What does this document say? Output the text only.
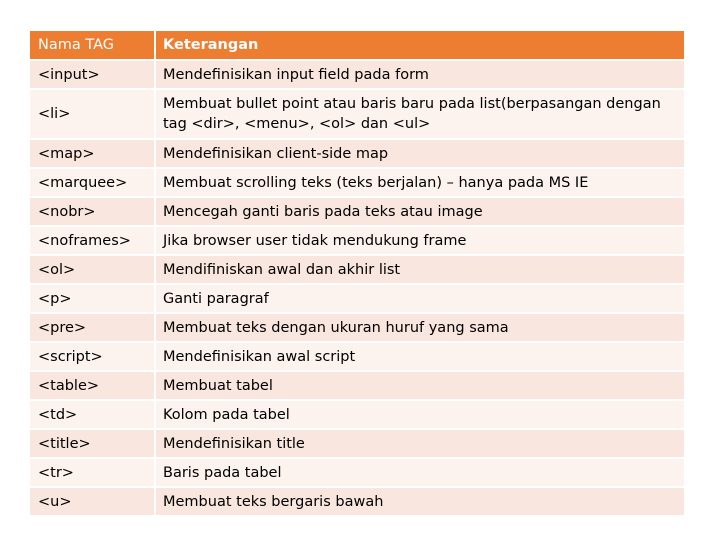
Nama TAG	Keterangan
<input>	Mendefinisikan input field pada form
<li>	Membuat bullet point atau baris baru pada list(berpasangan dengan tag <dir>, <menu>, <ol> dan <ul>
<map>	Mendefinisikan client-side map
<marquee>	Membuat scrolling teks (teks berjalan) – hanya pada MS IE
<nobr>	Mencegah ganti baris pada teks atau image
<noframes>	Jika browser user tidak mendukung frame
<ol>	Mendifiniskan awal dan akhir list
<p>	Ganti paragraf
<pre>	Membuat teks dengan ukuran huruf yang sama
<script>	Mendefinisikan awal script
<table>	Membuat tabel
<td>	Kolom pada tabel
<title>	Mendefinisikan title
<tr>	Baris pada tabel
<u>	Membuat teks bergaris bawah
